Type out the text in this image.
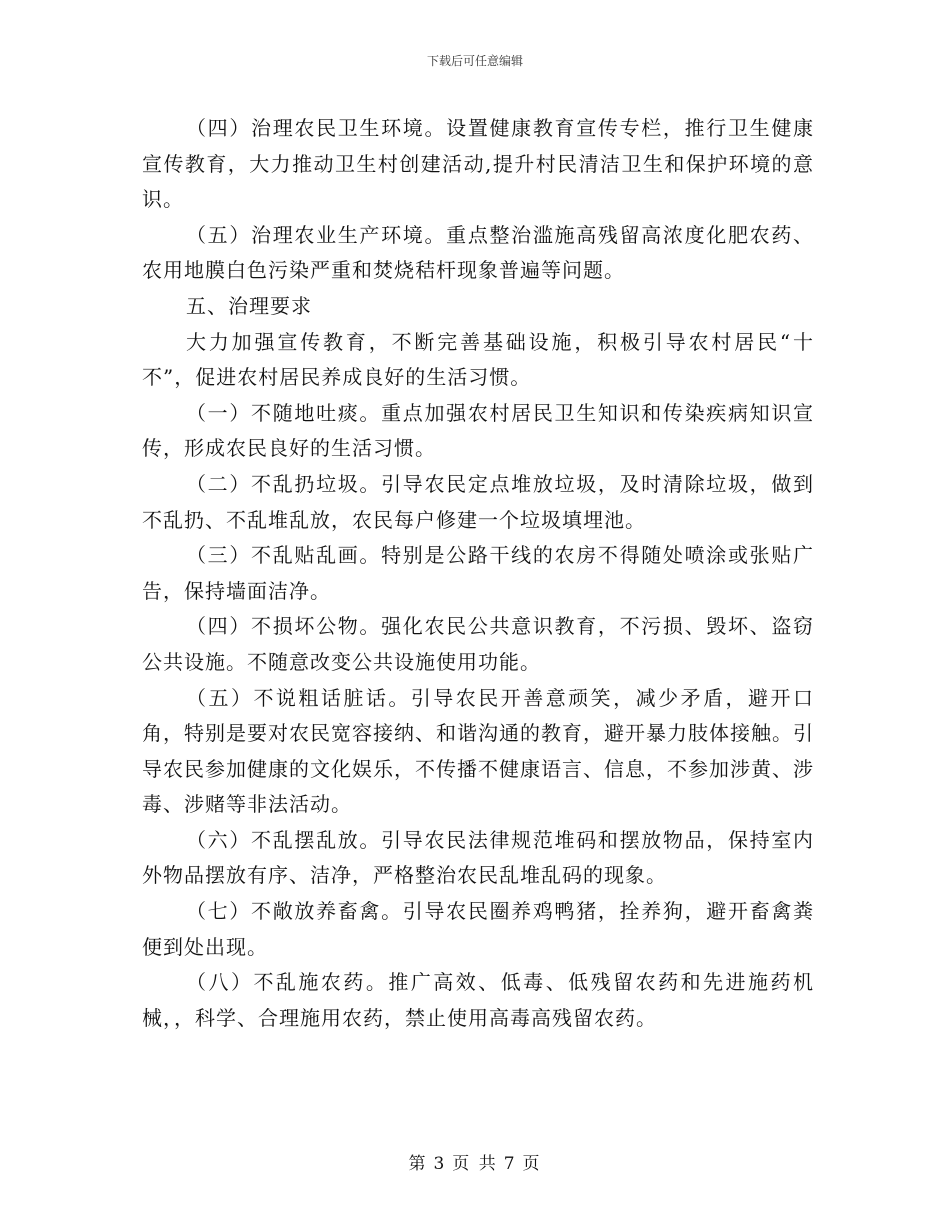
下载后可任意编辑

（四）治理农民卫生环境。设置健康教育宣传专栏，推行卫生健康宣传教育，大力推动卫生村创建活动,提升村民清洁卫生和保护环境的意识。

（五）治理农业生产环境。重点整治滥施高残留高浓度化肥农药、农用地膜白色污染严重和焚烧秸杆现象普遍等问题。

五、治理要求

大力加强宣传教育，不断完善基础设施，积极引导农村居民“十不”，促进农村居民养成良好的生活习惯。

（一）不随地吐痰。重点加强农村居民卫生知识和传染疾病知识宣传，形成农民良好的生活习惯。

（二）不乱扔垃圾。引导农民定点堆放垃圾，及时清除垃圾，做到不乱扔、不乱堆乱放，农民每户修建一个垃圾填埋池。

（三）不乱贴乱画。特别是公路干线的农房不得随处喷涂或张贴广告，保持墙面洁净。

（四）不损坏公物。强化农民公共意识教育，不污损、毁坏、盗窃公共设施。不随意改变公共设施使用功能。

（五）不说粗话脏话。引导农民开善意顽笑，减少矛盾，避开口角，特别是要对农民宽容接纳、和谐沟通的教育，避开暴力肢体接触。引导农民参加健康的文化娱乐，不传播不健康语言、信息，不参加涉黄、涉毒、涉赌等非法活动。

（六）不乱摆乱放。引导农民法律规范堆码和摆放物品，保持室内外物品摆放有序、洁净，严格整治农民乱堆乱码的现象。

（七）不敞放养畜禽。引导农民圈养鸡鸭猪，拴养狗，避开畜禽粪便到处出现。

（八）不乱施农药。推广高效、低毒、低残留农药和先进施药机械，，科学、合理施用农药，禁止使用高毒高残留农药。

第 3 页 共 7 页
